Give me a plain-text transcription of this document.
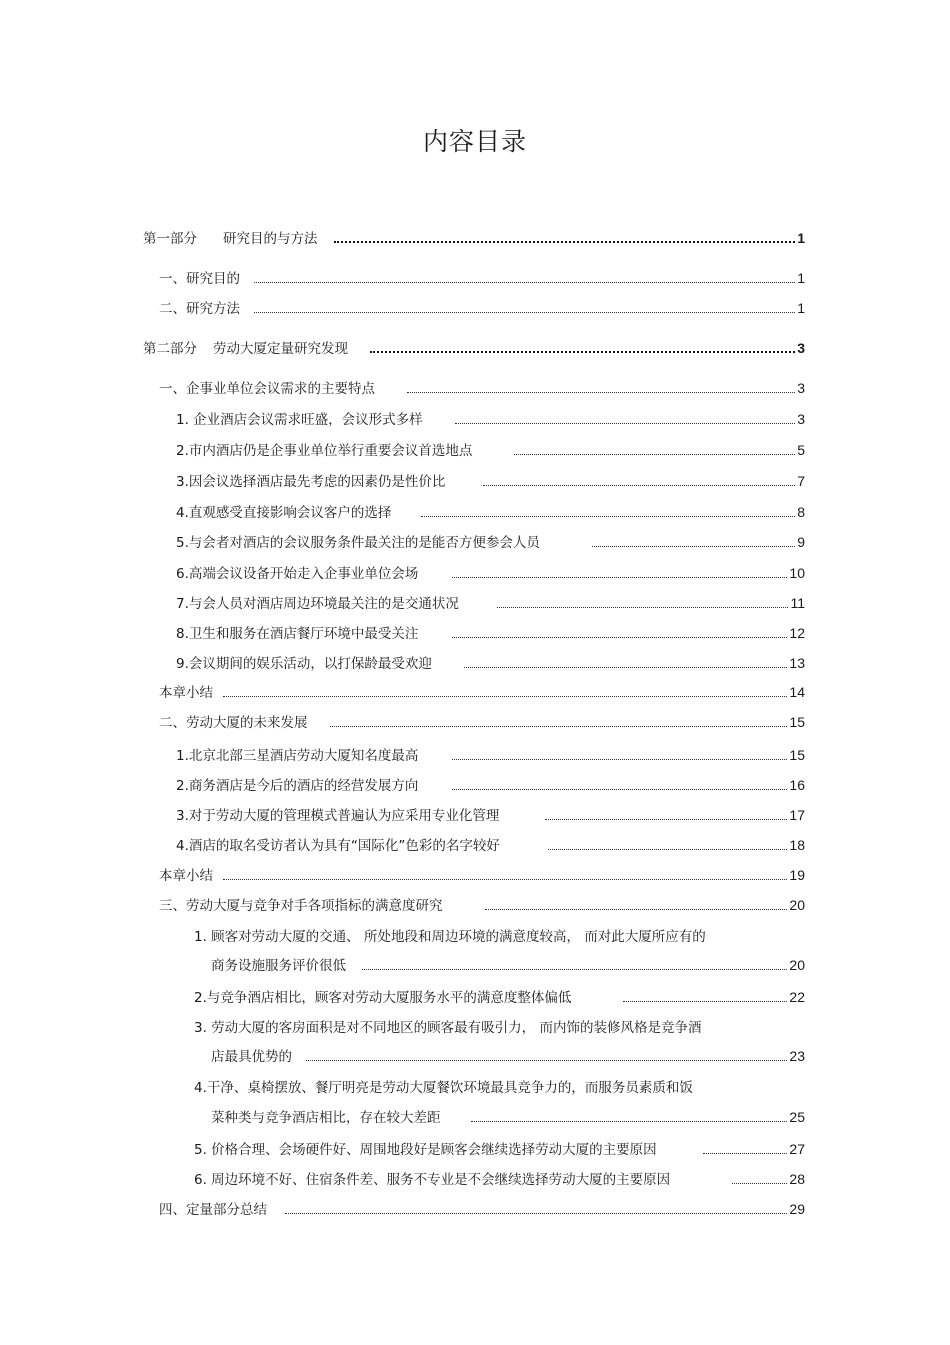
内容目录
第一部分 研究目的与方法	1
一、研究目的	1
二、研究方法	1
第二部分 劳动大厦定量研究发现	3
一、企事业单位会议需求的主要特点	3
1. 企业酒店会议需求旺盛，会议形式多样	3
2.市内酒店仍是企事业单位举行重要会议首选地点	5
3.因会议选择酒店最先考虑的因素仍是性价比	7
4.直观感受直接影响会议客户的选择	8
5.与会者对酒店的会议服务条件最关注的是能否方便参会人员	9
6.高端会议设备开始走入企事业单位会场	10
7.与会人员对酒店周边环境最关注的是交通状况	11
8.卫生和服务在酒店餐厅环境中最受关注	12
9.会议期间的娱乐活动，以打保龄最受欢迎	13
本章小结	14
二、劳动大厦的未来发展	15
1.北京北部三星酒店劳动大厦知名度最高	15
2.商务酒店是今后的酒店的经营发展方向	16
3.对于劳动大厦的管理模式普遍认为应采用专业化管理	17
4.酒店的取名受访者认为具有“国际化”色彩的名字较好	18
本章小结	19
三、劳动大厦与竞争对手各项指标的满意度研究	20
1. 顾客对劳动大厦的交通、 所处地段和周边环境的满意度较高， 而对此大厦所应有的
商务设施服务评价很低	20
2.与竞争酒店相比，顾客对劳动大厦服务水平的满意度整体偏低	22
3. 劳动大厦的客房面积是对不同地区的顾客最有吸引力， 而内饰的装修风格是竞争酒
店最具优势的	23
4.干净、桌椅摆放、餐厅明亮是劳动大厦餐饮环境最具竞争力的，而服务员素质和饭
菜种类与竞争酒店相比，存在较大差距	25
5. 价格合理、会场硬件好、周围地段好是顾客会继续选择劳动大厦的主要原因	27
6. 周边环境不好、住宿条件差、服务不专业是不会继续选择劳动大厦的主要原因	28
四、定量部分总结	29
